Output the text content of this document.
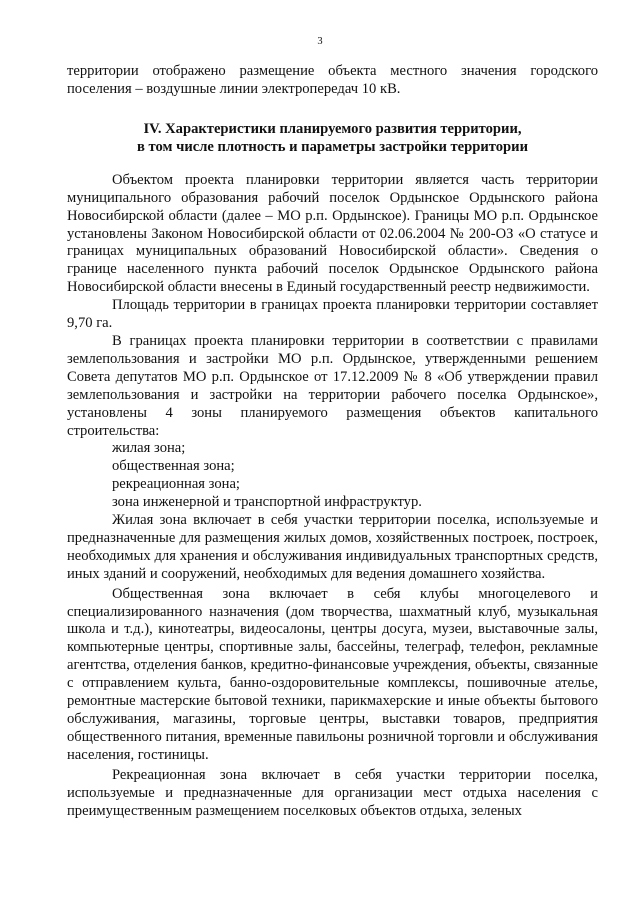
3

территории отображено размещение объекта местного значения городского поселения – воздушные линии электропередач 10 кВ.

IV. Характеристики планируемого развития территории,
в том числе плотность и параметры застройки территории

Объектом проекта планировки территории является часть территории муниципального образования рабочий поселок Ордынское Ордынского района Новосибирской области (далее – МО р.п. Ордынское). Границы МО р.п. Ордынское установлены Законом Новосибирской области от 02.06.2004 № 200-ОЗ «О статусе и границах муниципальных образований Новосибирской области». Сведения о границе населенного пункта рабочий поселок Ордынское Ордынского района Новосибирской области внесены в Единый государственный реестр недвижимости.

Площадь территории в границах проекта планировки территории составляет 9,70 га.

В границах проекта планировки территории в соответствии с правилами землепользования и застройки МО р.п. Ордынское, утвержденными решением Совета депутатов МО р.п. Ордынское от 17.12.2009 № 8 «Об утверждении правил землепользования и застройки на территории рабочего поселка Ордынское», установлены 4 зоны планируемого размещения объектов капитального строительства:

жилая зона;
общественная зона;
рекреационная зона;
зона инженерной и транспортной инфраструктур.

Жилая зона включает в себя участки территории поселка, используемые и предназначенные для размещения жилых домов, хозяйственных построек, построек, необходимых для хранения и обслуживания индивидуальных транспортных средств, иных зданий и сооружений, необходимых для ведения домашнего хозяйства.

Общественная зона включает в себя клубы многоцелевого и специализированного назначения (дом творчества, шахматный клуб, музыкальная школа и т.д.), кинотеатры, видеосалоны, центры досуга, музеи, выставочные залы, компьютерные центры, спортивные залы, бассейны, телеграф, телефон, рекламные агентства, отделения банков, кредитно-финансовые учреждения, объекты, связанные с отправлением культа, банно-оздоровительные комплексы, пошивочные ателье, ремонтные мастерские бытовой техники, парикмахерские и иные объекты бытового обслуживания, магазины, торговые центры, выставки товаров, предприятия общественного питания, временные павильоны розничной торговли и обслуживания населения, гостиницы.

Рекреационная зона включает в себя участки территории поселка, используемые и предназначенные для организации мест отдыха населения с преимущественным размещением поселковых объектов отдыха, зеленых
